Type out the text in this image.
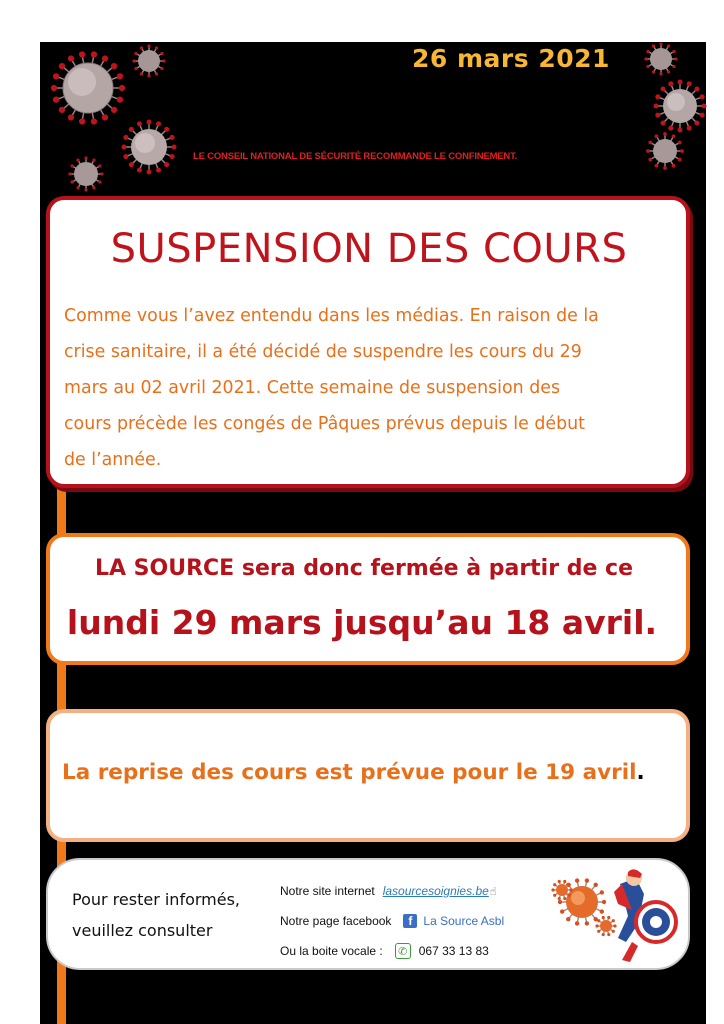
26 mars 2021
LE CONSEIL NATIONAL DE SÉCURITÉ RECOMMANDE LE CONFINEMENT.
SUSPENSION DES COURS
Comme vous l’avez entendu dans les médias. En raison de la
crise sanitaire, il a été décidé de suspendre les cours du 29
mars au 02 avril 2021. Cette semaine de suspension des
cours précède les congés de Pâques prévus depuis le début
de l’année.
LA SOURCE sera donc fermée à partir de ce
lundi 29 mars jusqu’au 18 avril.
La reprise des cours est prévue pour le 19 avril.
Pour rester informés,
veuillez consulter
Notre site internet lasourcesoignies.be ☝
Notre page facebook	f La Source Asbl
Ou la boite vocale :	✆ 067 33 13 83
